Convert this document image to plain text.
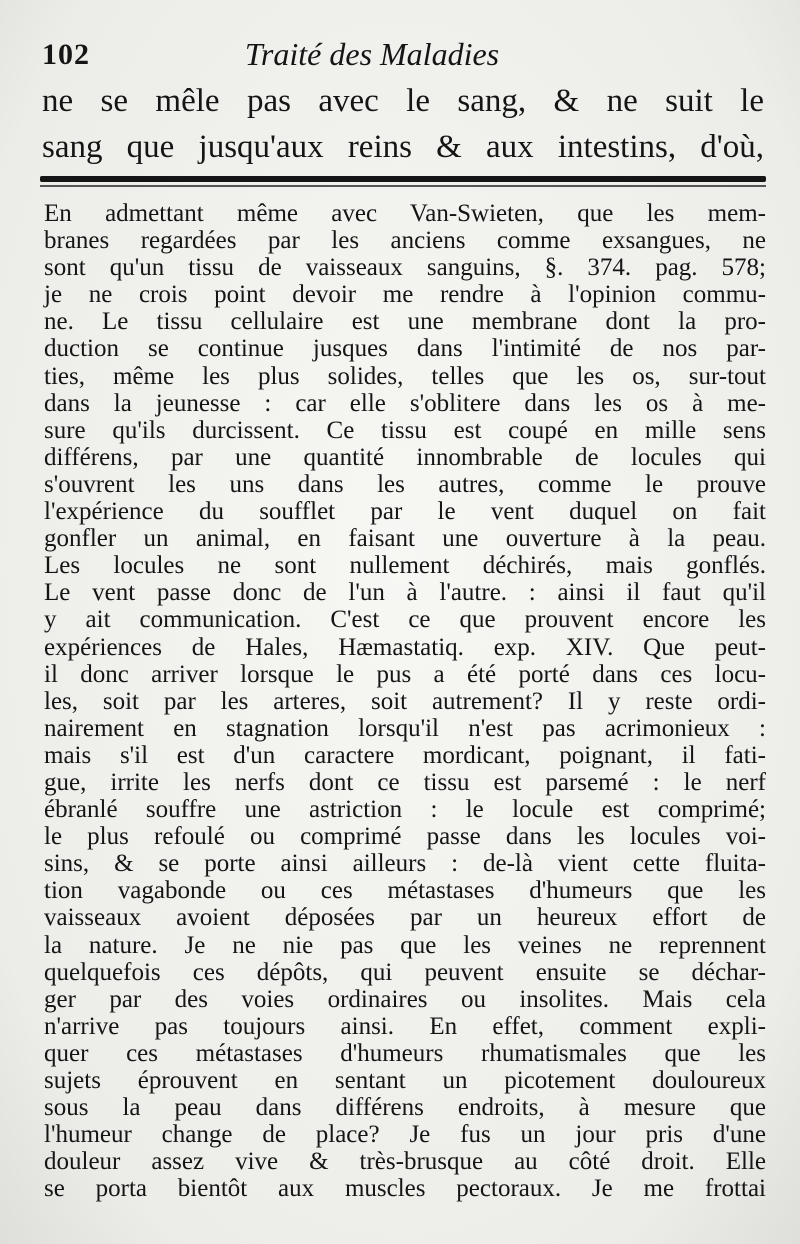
102	Traité des Maladies
ne se mêle pas avec le sang, & ne suit le
sang que jusqu'aux reins & aux intestins, d'où,
En admettant même avec Van-Swieten, que les mem-
branes regardées par les anciens comme exsangues, ne
sont qu'un tissu de vaisseaux sanguins, §. 374. pag. 578;
je ne crois point devoir me rendre à l'opinion commu-
ne. Le tissu cellulaire est une membrane dont la pro-
duction se continue jusques dans l'intimité de nos par-
ties, même les plus solides, telles que les os, sur-tout
dans la jeunesse : car elle s'oblitere dans les os à me-
sure qu'ils durcissent. Ce tissu est coupé en mille sens
différens, par une quantité innombrable de locules qui
s'ouvrent les uns dans les autres, comme le prouve
l'expérience du soufflet par le vent duquel on fait
gonfler un animal, en faisant une ouverture à la peau.
Les locules ne sont nullement déchirés, mais gonflés.
Le vent passe donc de l'un à l'autre. : ainsi il faut qu'il
y ait communication. C'est ce que prouvent encore les
expériences de Hales, Hæmastatiq. exp. XIV. Que peut-
il donc arriver lorsque le pus a été porté dans ces locu-
les, soit par les arteres, soit autrement? Il y reste ordi-
nairement en stagnation lorsqu'il n'est pas acrimonieux :
mais s'il est d'un caractere mordicant, poignant, il fati-
gue, irrite les nerfs dont ce tissu est parsemé : le nerf
ébranlé souffre une astriction : le locule est comprimé;
le plus refoulé ou comprimé passe dans les locules voi-
sins, & se porte ainsi ailleurs : de-là vient cette fluita-
tion vagabonde ou ces métastases d'humeurs que les
vaisseaux avoient déposées par un heureux effort de
la nature. Je ne nie pas que les veines ne reprennent
quelquefois ces dépôts, qui peuvent ensuite se déchar-
ger par des voies ordinaires ou insolites. Mais cela
n'arrive pas toujours ainsi. En effet, comment expli-
quer ces métastases d'humeurs rhumatismales que les
sujets éprouvent en sentant un picotement douloureux
sous la peau dans différens endroits, à mesure que
l'humeur change de place? Je fus un jour pris d'une
douleur assez vive & très-brusque au côté droit. Elle
se porta bientôt aux muscles pectoraux. Je me frottai
